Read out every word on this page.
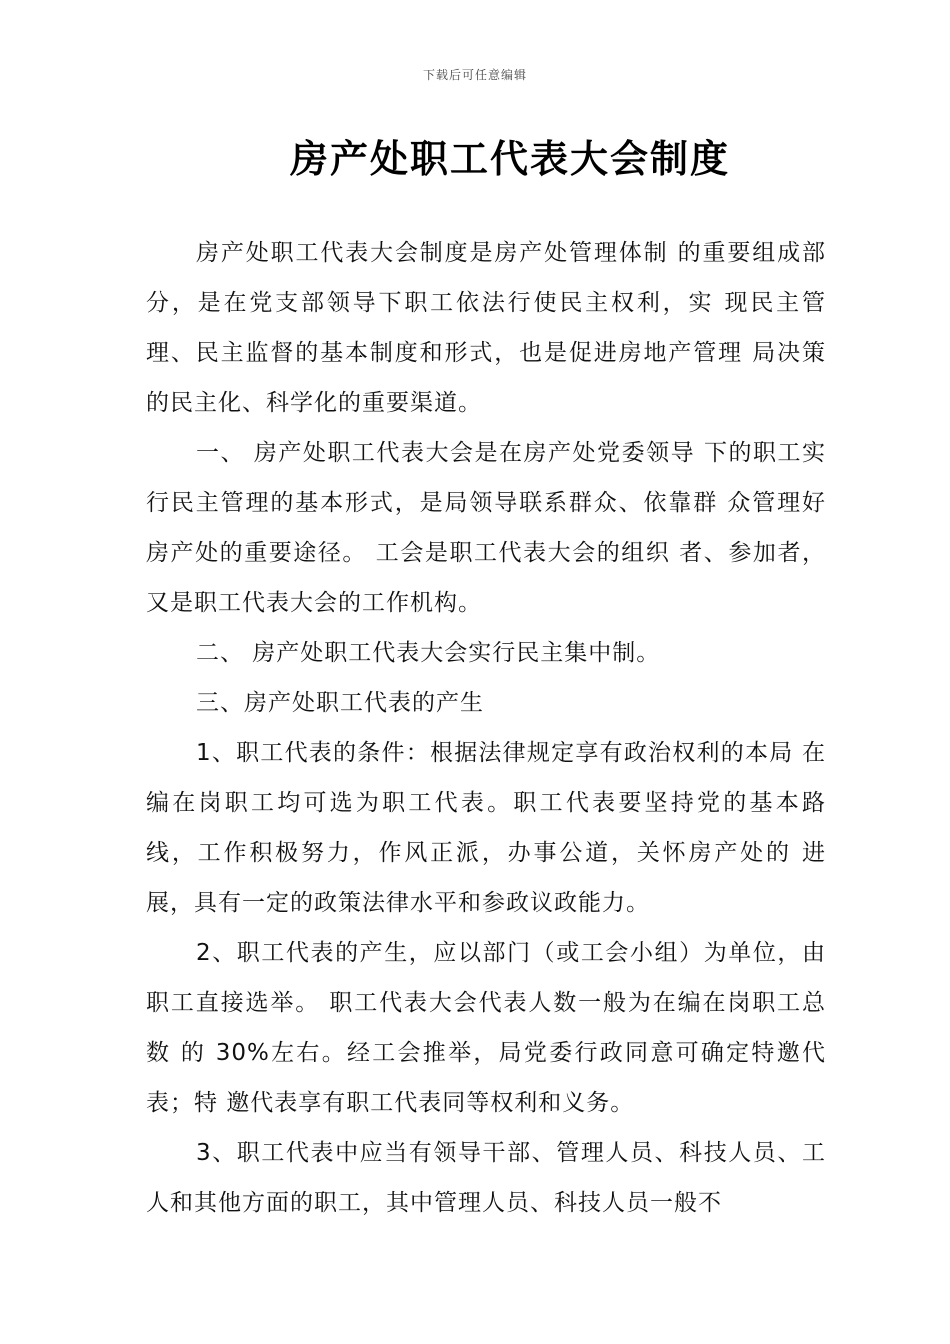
下载后可任意编辑
房产处职工代表大会制度

房产处职工代表大会制度是房产处管理体制 的重要组成部分，是在党支部领导下职工依法行使民主权利，实 现民主管理、民主监督的基本制度和形式，也是促进房地产管理 局决策的民主化、科学化的重要渠道。

一、 房产处职工代表大会是在房产处党委领导 下的职工实行民主管理的基本形式，是局领导联系群众、依靠群 众管理好房产处的重要途径。 工会是职工代表大会的组织 者、参加者，又是职工代表大会的工作机构。

二、 房产处职工代表大会实行民主集中制。

三、房产处职工代表的产生

1、职工代表的条件：根据法律规定享有政治权利的本局 在编在岗职工均可选为职工代表。职工代表要坚持党的基本路 线，工作积极努力，作风正派，办事公道，关怀房产处的 进展，具有一定的政策法律水平和参政议政能力。

2、职工代表的产生，应以部门（或工会小组）为单位，由 职工直接选举。 职工代表大会代表人数一般为在编在岗职工总数 的 30%左右。经工会推举，局党委行政同意可确定特邀代表；特 邀代表享有职工代表同等权利和义务。

3、职工代表中应当有领导干部、管理人员、科技人员、工 人和其他方面的职工，其中管理人员、科技人员一般不
